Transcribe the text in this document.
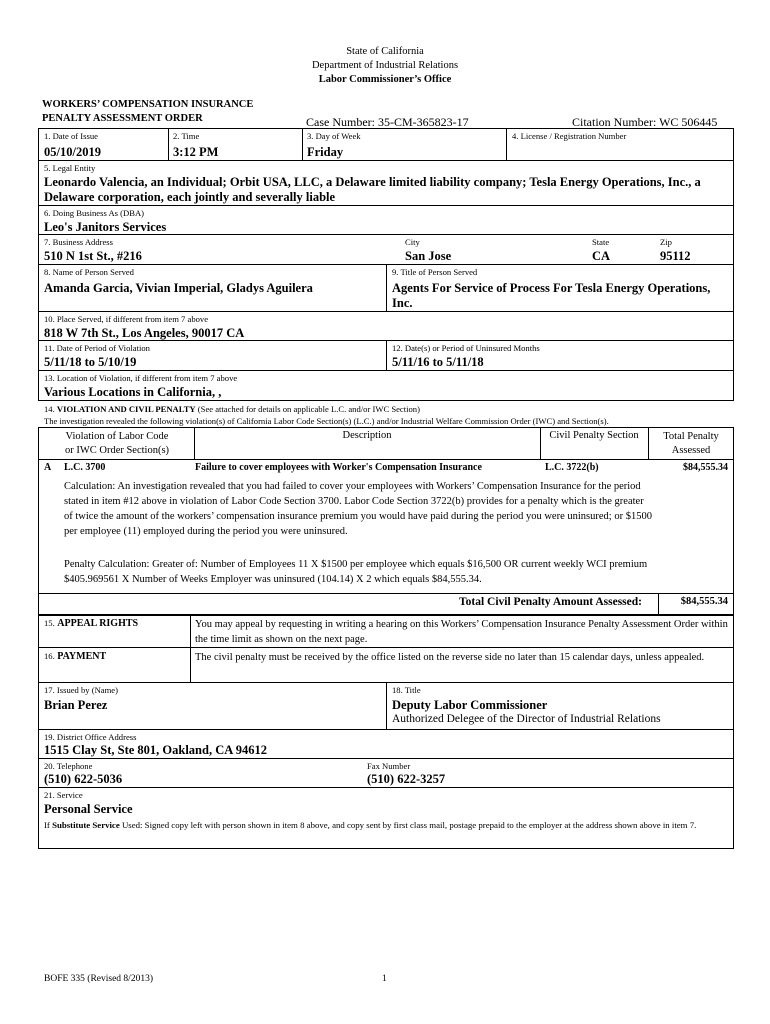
State of California
Department of Industrial Relations
Labor Commissioner’s Office
WORKERS’ COMPENSATION INSURANCE
PENALTY ASSESSMENT ORDER	Case Number: 35-CM-365823-17	Citation Number: WC 506445
1. Date of Issue
05/10/2019
2. Time
3:12 PM
3. Day of Week
Friday
4. License / Registration Number
5. Legal Entity
Leonardo Valencia, an Individual; Orbit USA, LLC, a Delaware limited liability company; Tesla Energy Operations, Inc., a Delaware corporation, each jointly and severally liable
6. Doing Business As (DBA)
Leo's Janitors Services
7. Business Address
510 N 1st St., #216
City
San Jose
State
CA
Zip
95112
8. Name of Person Served
Amanda Garcia, Vivian Imperial, Gladys Aguilera
9. Title of Person Served
Agents For Service of Process For Tesla Energy Operations, Inc.
10. Place Served, if different from item 7 above
818 W 7th St., Los Angeles, 90017 CA
11. Date of Period of Violation
5/11/18 to 5/10/19
12. Date(s) or Period of Uninsured Months
5/11/16 to 5/11/18
13. Location of Violation, if different from item 7 above
Various Locations in California, ,
14. VIOLATION AND CIVIL PENALTY (See attached for details on applicable L.C. and/or IWC Section)
The investigation revealed the following violation(s) of California Labor Code Section(s) (L.C.) and/or Industrial Welfare Commission Order (IWC) and Section(s).
Violation of Labor Code
or IWC Order Section(s)
Description	Civil Penalty Section	Total Penalty
Assessed
A L.C. 3700	Failure to cover employees with Worker's Compensation Insurance	L.C. 3722(b)	$84,555.34
Calculation: An investigation revealed that you had failed to cover your employees with Workers’ Compensation Insurance for the period stated in item #12 above in violation of Labor Code Section 3700. Labor Code Section 3722(b) provides for a penalty which is the greater of twice the amount of the workers’ compensation insurance premium you would have paid during the period you were uninsured; or $1500 per employee (11) employed during the period you were uninsured.
Penalty Calculation: Greater of: Number of Employees 11 X $1500 per employee which equals $16,500 OR current weekly WCI premium $405.969561 X Number of Weeks Employer was uninsured (104.14) X 2 which equals $84,555.34.
Total Civil Penalty Amount Assessed:	$84,555.34
15. APPEAL RIGHTS	You may appeal by requesting in writing a hearing on this Workers’ Compensation Insurance Penalty Assessment Order within the time limit as shown on the next page.
16. PAYMENT	The civil penalty must be received by the office listed on the reverse side no later than 15 calendar days, unless appealed.
17. Issued by (Name)
Brian Perez
18. Title
Deputy Labor Commissioner
Authorized Delegee of the Director of Industrial Relations
19. District Office Address
1515 Clay St, Ste 801, Oakland, CA 94612
20. Telephone
(510) 622-5036
Fax Number
(510) 622-3257
21. Service
Personal Service
If Substitute Service Used: Signed copy left with person shown in item 8 above, and copy sent by first class mail, postage prepaid to the employer at the address shown above in item 7.
BOFE 335 (Revised 8/2013)	1
